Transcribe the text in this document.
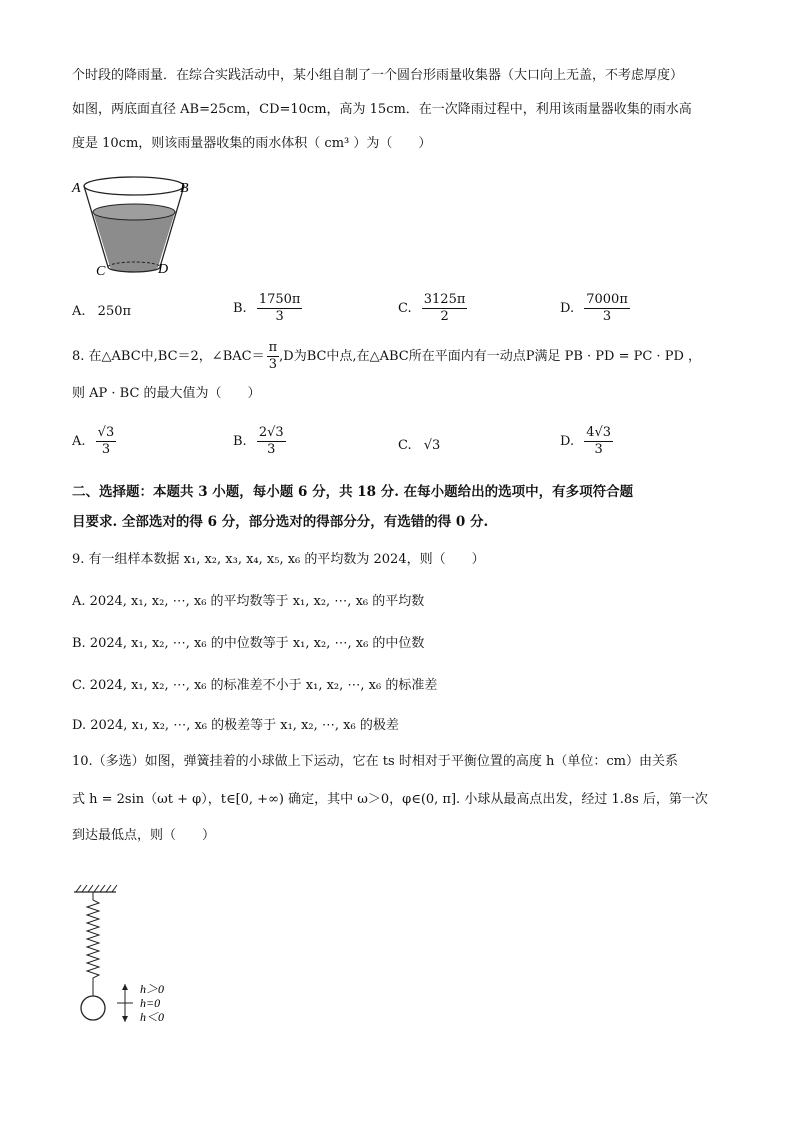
个时段的降雨量．在综合实践活动中，某小组自制了一个圆台形雨量收集器（大口向上无盖，不考虑厚度）
如图，两底面直径 AB=25cm，CD=10cm，高为 15cm．在一次降雨过程中，利用该雨量器收集的雨水高
度是 10cm，则该雨量器收集的雨水体积（ cm³ ）为（　　）
A	B
C	D
A. 250π	B. $\frac{1750\pi}{3}$	C. $\frac{3125\pi}{2}$	D. $\frac{7000\pi}{3}$
8. 在△ABC中,BC＝2，∠BAC＝ $\frac{\pi}{3} ,D$为BC中点,在△ABC所在平面内有一动点P满足 PB · PD = PC · PD ，
则 AP · BC 的最大值为（　　）
A. $\frac{√3}{3}$	B. $\frac{2√3}{3}$	C. √3	D. $\frac{4√3}{3}$
二、选择题：本题共 3 小题，每小题 6 分，共 18 分. 在每小题给出的选项中，有多项符合题
目要求. 全部选对的得 6 分，部分选对的得部分分，有选错的得 0 分.
9. 有一组样本数据 x₁, x₂, x₃, x₄, x₅, x₆ 的平均数为 2024，则（　　）
A. 2024, x₁, x₂, ⋯, x₆ 的平均数等于 x₁, x₂, ⋯, x₆ 的平均数
B. 2024, x₁, x₂, ⋯, x₆ 的中位数等于 x₁, x₂, ⋯, x₆ 的中位数
C. 2024, x₁, x₂, ⋯, x₆ 的标准差不小于 x₁, x₂, ⋯, x₆ 的标准差
D. 2024, x₁, x₂, ⋯, x₆ 的极差等于 x₁, x₂, ⋯, x₆ 的极差
10.（多选）如图，弹簧挂着的小球做上下运动，它在 ts 时相对于平衡位置的高度 h（单位：cm）由关系
式 h = 2sin（ωt + φ），t∈[0, +∞) 确定，其中 ω＞0，φ∈(0, π]. 小球从最高点出发，经过 1.8s 后，第一次
到达最低点，则（　　）
h＞0
h=0
h＜0
